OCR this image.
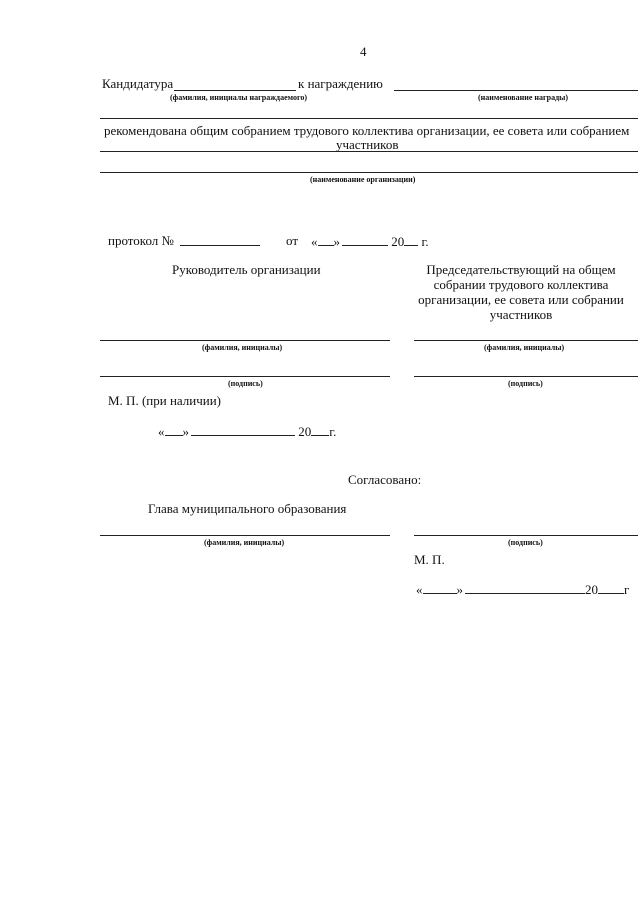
4
Кандидатура	к награждению
(фамилия, инициалы награждаемого)	(наименование награды)
рекомендована общим собранием трудового коллектива организации, ее совета или собранием
участников
(наименование организации)
протокол №	от « »	20 г.
Руководитель организации	Председательствующий на общем собрании трудового коллектива организации, ее совета или собрании участников
(фамилия, инициалы)	(фамилия, инициалы)
(подпись)	(подпись)
М. П. (при наличии)
« »	20 г.
Согласовано:
Глава муниципального образования
(фамилия, инициалы)	(подпись)
М. П.
«	»	20 г
